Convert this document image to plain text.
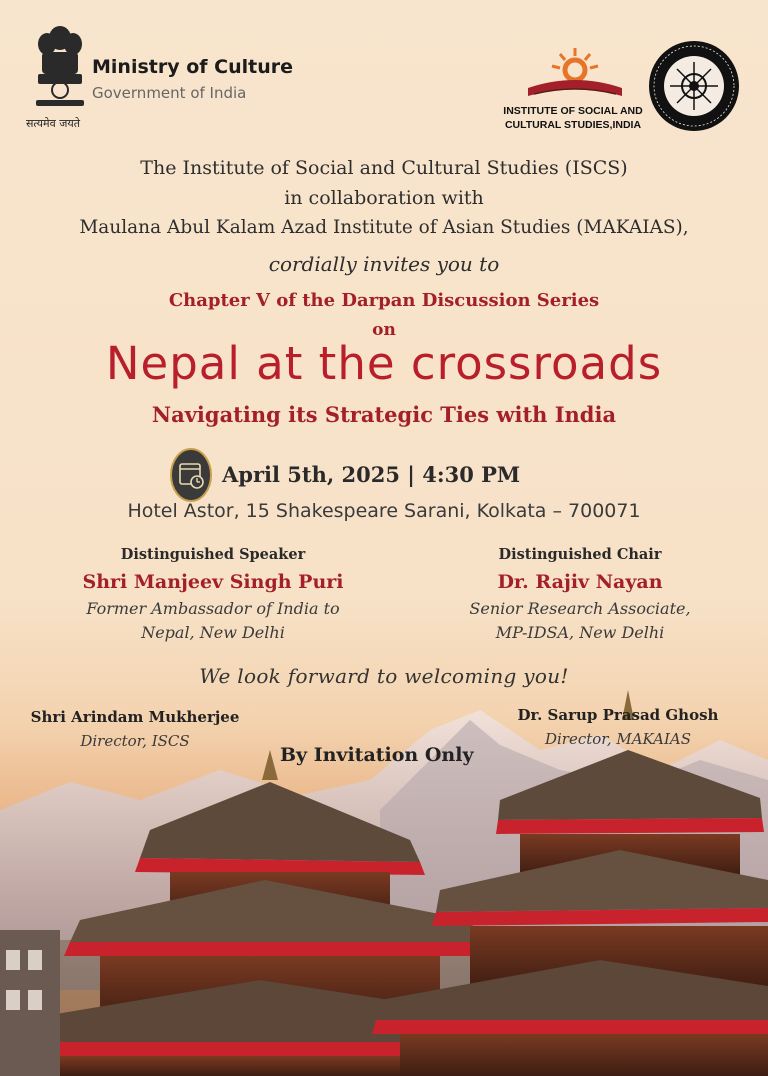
Ministry of Culture
Government of India
सत्यमेव जयते
INSTITUTE OF SOCIAL AND
CULTURAL STUDIES,INDIA
The Institute of Social and Cultural Studies (ISCS)
in collaboration with
Maulana Abul Kalam Azad Institute of Asian Studies (MAKAIAS),
cordially invites you to
Chapter V of the Darpan Discussion Series
on
Nepal at the crossroads
Navigating its Strategic Ties with India
April 5th, 2025 | 4:30 PM
Hotel Astor, 15 Shakespeare Sarani, Kolkata – 700071
Distinguished Speaker
Shri Manjeev Singh Puri
Former Ambassador of India to
Nepal, New Delhi
Distinguished Chair
Dr. Rajiv Nayan
Senior Research Associate,
MP-IDSA, New Delhi
We look forward to welcoming you!
Shri Arindam Mukherjee
Director, ISCS
Dr. Sarup Prasad Ghosh
Director, MAKAIAS
By Invitation Only
